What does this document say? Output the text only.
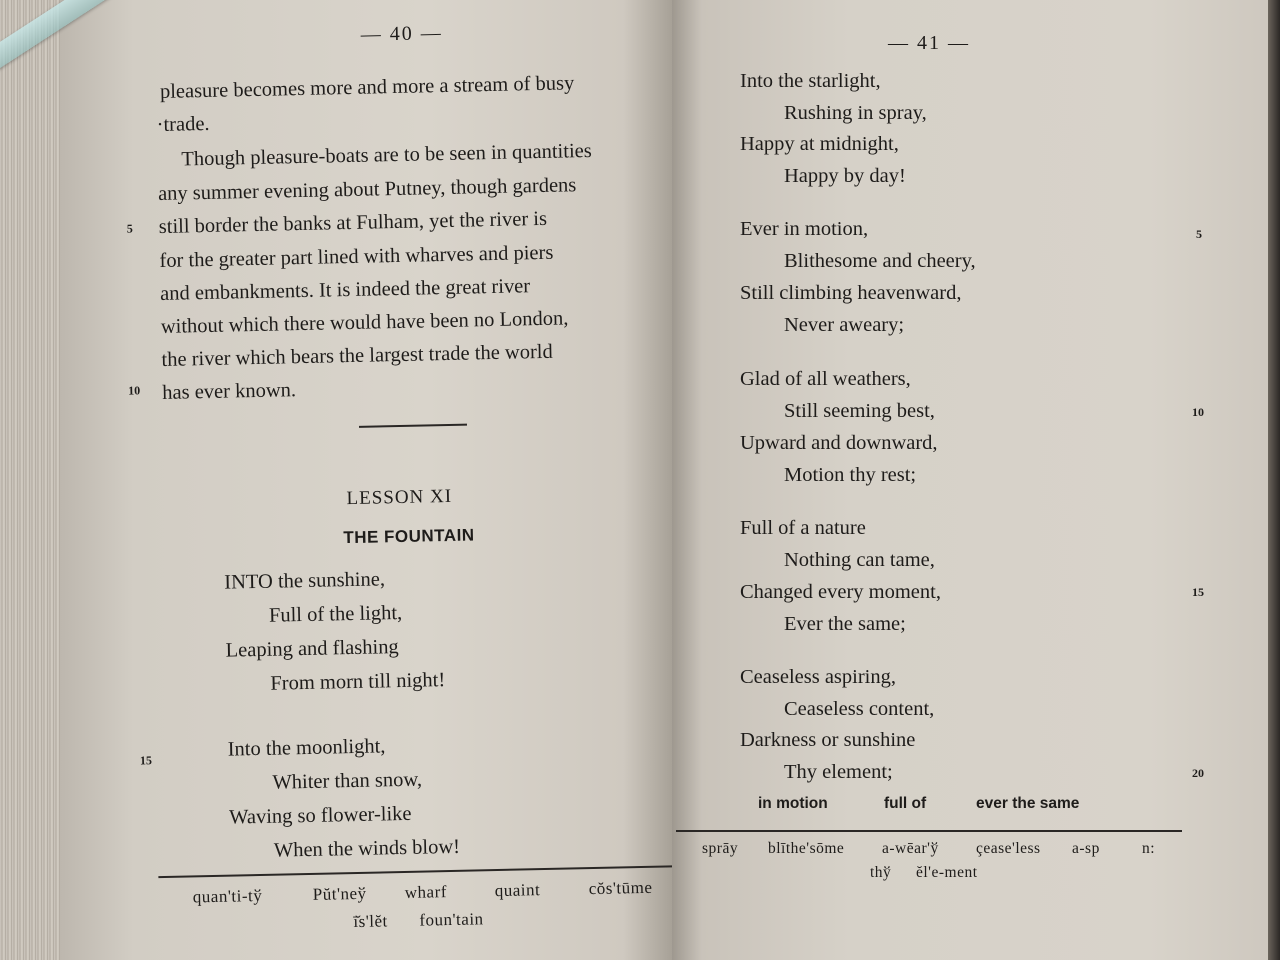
— 40 —
pleasure becomes more and more a stream of busy
·trade.
Though pleasure-boats are to be seen in quantities
any summer evening about Putney, though gardens
still border the banks at Fulham, yet the river is
for the greater part lined with wharves and piers
and embankments. It is indeed the great river
without which there would have been no London,
the river which bears the largest trade the world
has ever known.
5
10
15
LESSON XI
THE FOUNTAIN
INTO the sunshine,
Full of the light,
Leaping and flashing
From morn till night!
Into the moonlight,
Whiter than snow,
Waving so flower-like
When the winds blow!
quan'ti-tў	Pŭt'neў wharf	quaint	cŏs'tūme
ī̆s'lĕt foun'tain
— 41 —
Into the starlight,
Rushing in spray,
Happy at midnight,
Happy by day!
Ever in motion,
Blithesome and cheery,
Still climbing heavenward,
Never aweary;
Glad of all weathers,
Still seeming best,
Upward and downward,
Motion thy rest;
Full of a nature
Nothing can tame,
Changed every moment,
Ever the same;
Ceaseless aspiring,
Ceaseless content,
Darkness or sunshine
Thy element;
5
10
15
20
in motion	full of	ever the same
sprāy blīthe'sōme a-wēar'ў çease'less a-sp	n:
thў ĕl'e-ment
